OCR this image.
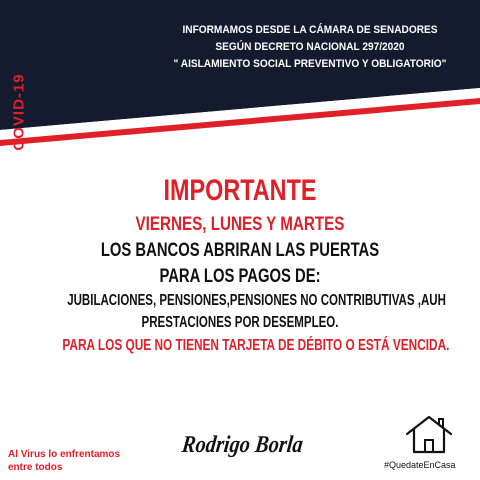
COVID-19
INFORMAMOS DESDE LA CÁMARA DE SENADORES
SEGÚN DECRETO NACIONAL 297/2020
" AISLAMIENTO SOCIAL PREVENTIVO Y OBLIGATORIO"
IMPORTANTE
VIERNES, LUNES Y MARTES
LOS BANCOS ABRIRAN LAS PUERTAS
PARA LOS PAGOS DE:
JUBILACIONES, PENSIONES,PENSIONES NO CONTRIBUTIVAS ,AUH
PRESTACIONES POR DESEMPLEO.
PARA LOS QUE NO TIENEN TARJETA DE DÉBITO O ESTÁ VENCIDA.
Al Virus lo enfrentamos
entre todos
Rodrigo Borla
#QuedateEnCasa
